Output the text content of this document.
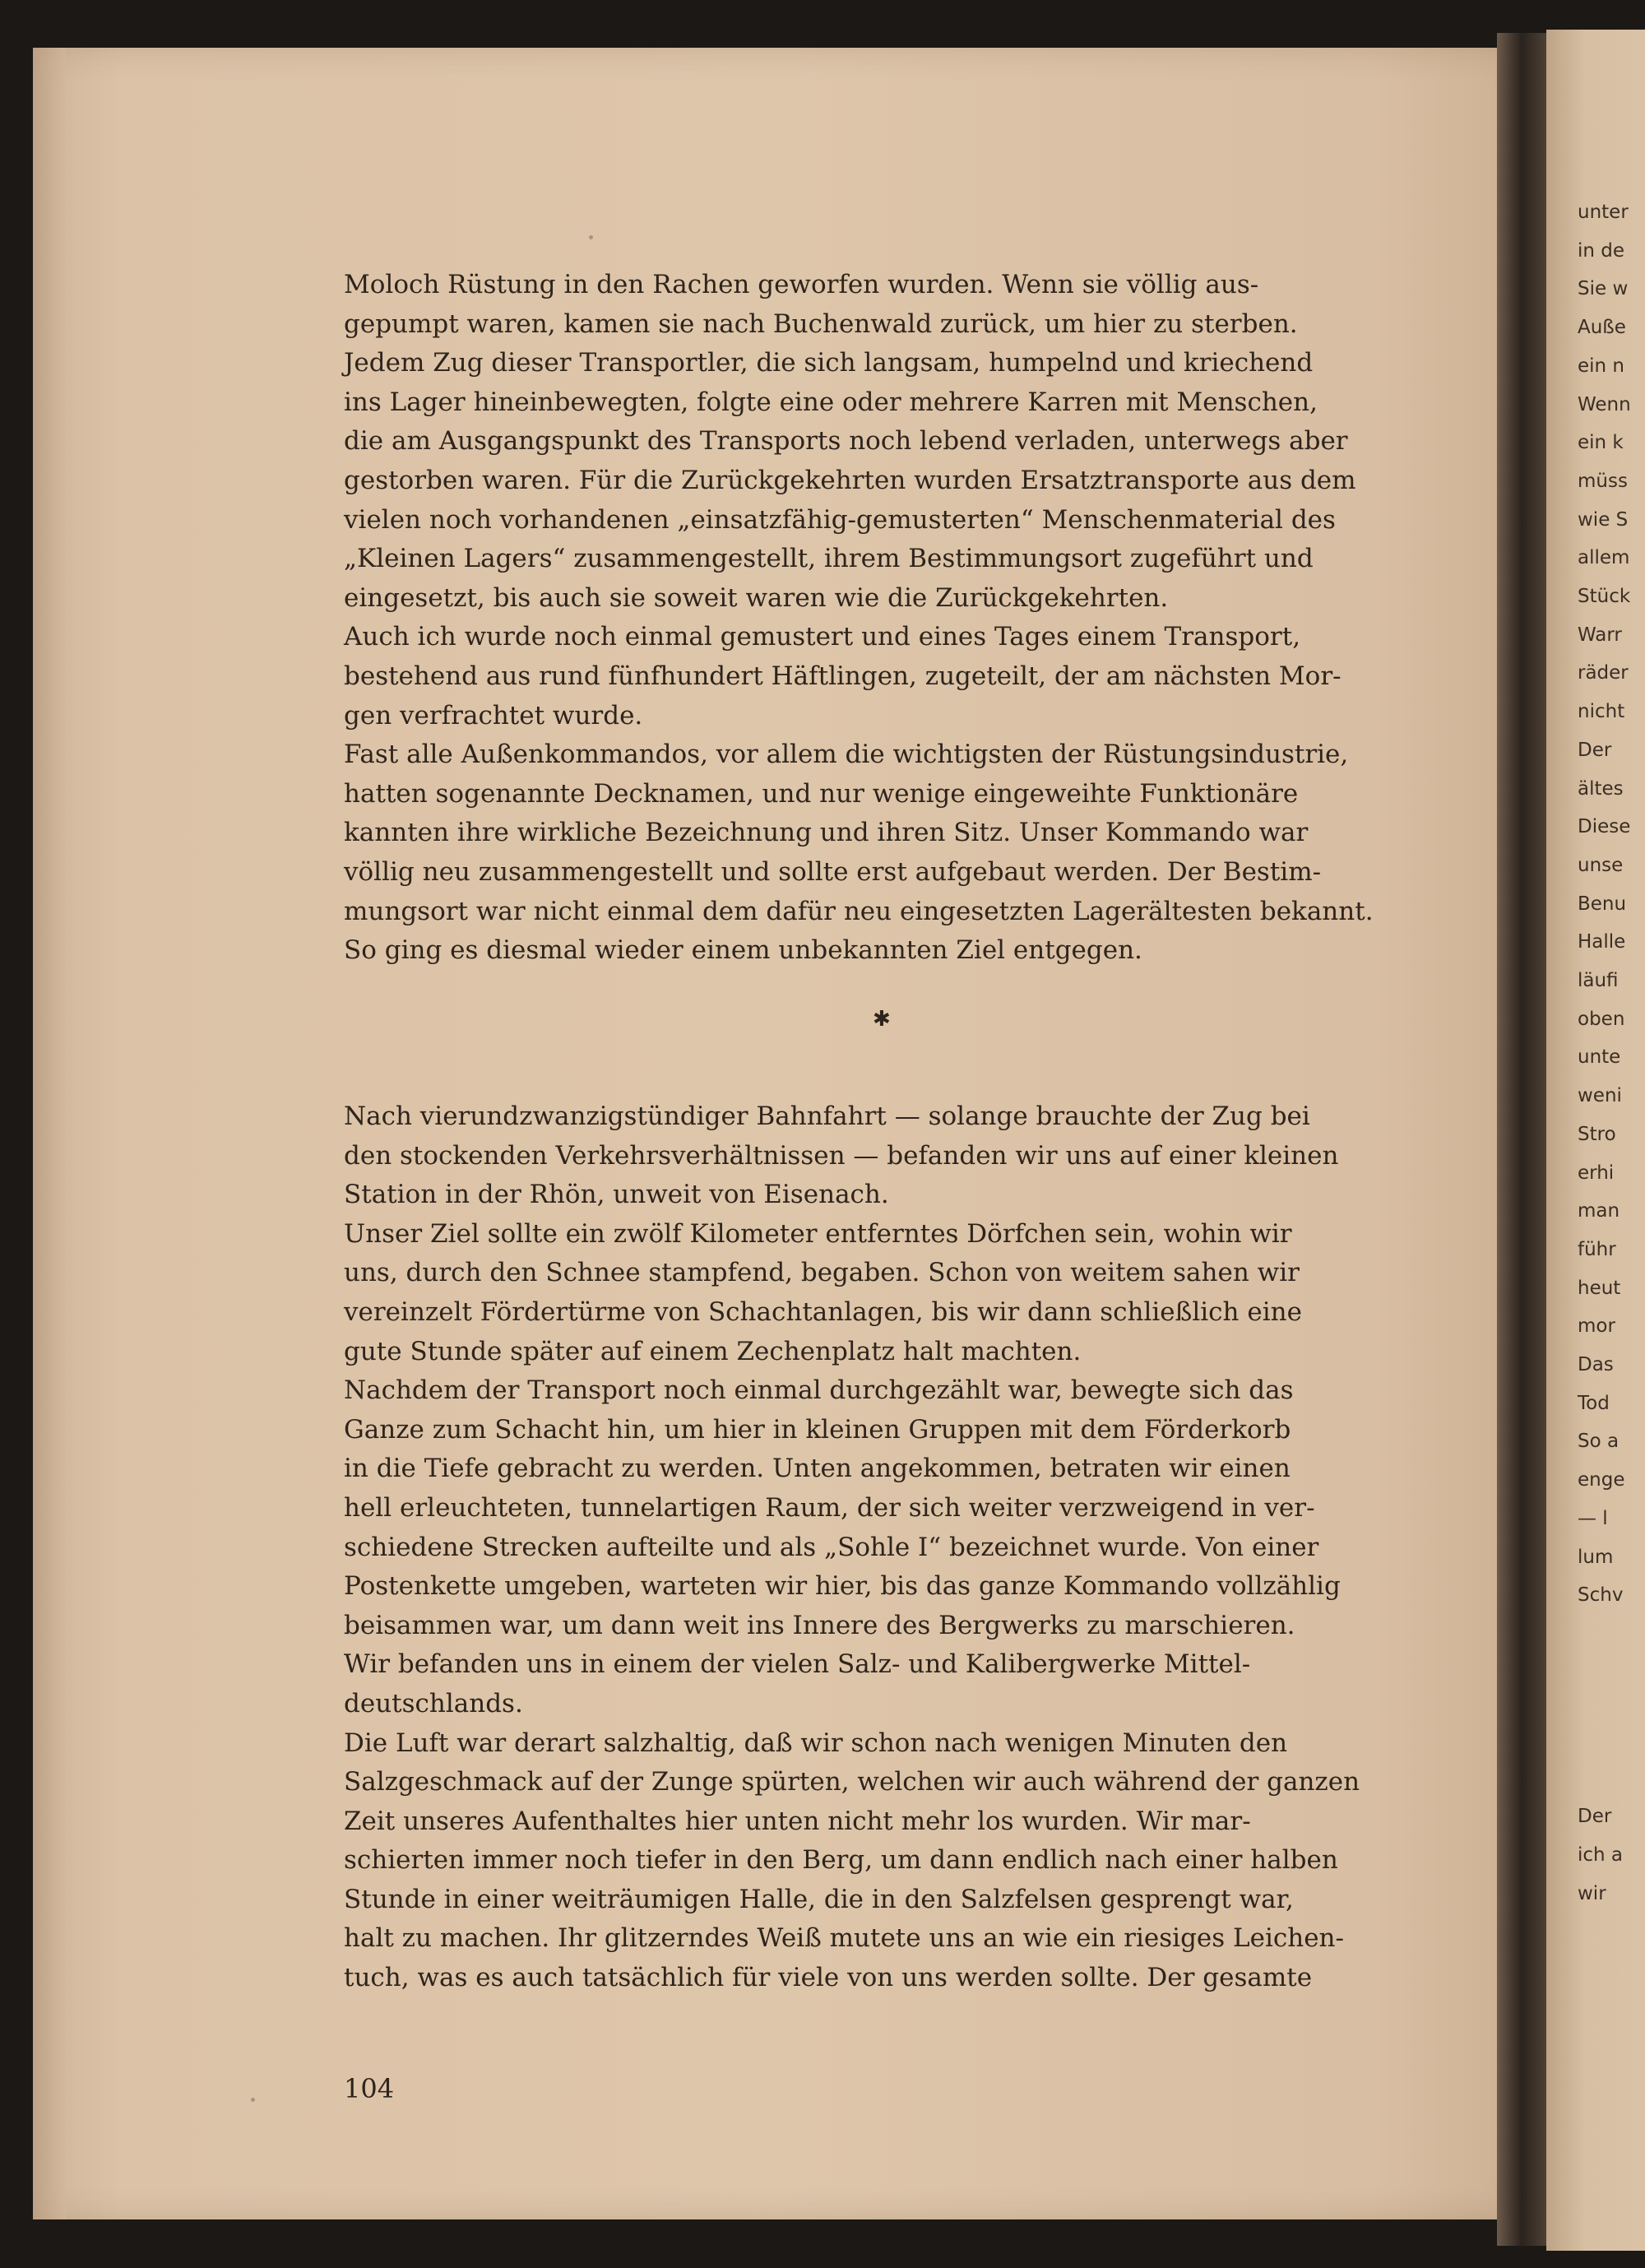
unter
in de
Sie w
Auße
ein n
Wenn
ein k
müss
wie S
allem
Stück
Warr
räder
nicht
Der
ältes
Diese
unse
Benu
Halle
läufi
oben
unte
weni
Stro
erhi
man
führ
heut
mor
Das
Tod
So a
enge
— l
lum
Schv
Der
ich a
wir
Moloch Rüstung in den Rachen geworfen wurden. Wenn sie völlig aus-
gepumpt waren, kamen sie nach Buchenwald zurück, um hier zu sterben.
Jedem Zug dieser Transportler, die sich langsam, humpelnd und kriechend
ins Lager hineinbewegten, folgte eine oder mehrere Karren mit Menschen,
die am Ausgangspunkt des Transports noch lebend verladen, unterwegs aber
gestorben waren. Für die Zurückgekehrten wurden Ersatztransporte aus dem
vielen noch vorhandenen „einsatzfähig-gemusterten“ Menschenmaterial des
„Kleinen Lagers“ zusammengestellt, ihrem Bestimmungsort zugeführt und
eingesetzt, bis auch sie soweit waren wie die Zurückgekehrten.
Auch ich wurde noch einmal gemustert und eines Tages einem Transport,
bestehend aus rund fünfhundert Häftlingen, zugeteilt, der am nächsten Mor-
gen verfrachtet wurde.
Fast alle Außenkommandos, vor allem die wichtigsten der Rüstungsindustrie,
hatten sogenannte Decknamen, und nur wenige eingeweihte Funktionäre
kannten ihre wirkliche Bezeichnung und ihren Sitz. Unser Kommando war
völlig neu zusammengestellt und sollte erst aufgebaut werden. Der Bestim-
mungsort war nicht einmal dem dafür neu eingesetzten Lagerältesten bekannt.
So ging es diesmal wieder einem unbekannten Ziel entgegen.
✱
Nach vierundzwanzigstündiger Bahnfahrt — solange brauchte der Zug bei
den stockenden Verkehrsverhältnissen — befanden wir uns auf einer kleinen
Station in der Rhön, unweit von Eisenach.
Unser Ziel sollte ein zwölf Kilometer entferntes Dörfchen sein, wohin wir
uns, durch den Schnee stampfend, begaben. Schon von weitem sahen wir
vereinzelt Fördertürme von Schachtanlagen, bis wir dann schließlich eine
gute Stunde später auf einem Zechenplatz halt machten.
Nachdem der Transport noch einmal durchgezählt war, bewegte sich das
Ganze zum Schacht hin, um hier in kleinen Gruppen mit dem Förderkorb
in die Tiefe gebracht zu werden. Unten angekommen, betraten wir einen
hell erleuchteten, tunnelartigen Raum, der sich weiter verzweigend in ver-
schiedene Strecken aufteilte und als „Sohle I“ bezeichnet wurde. Von einer
Postenkette umgeben, warteten wir hier, bis das ganze Kommando vollzählig
beisammen war, um dann weit ins Innere des Bergwerks zu marschieren.
Wir befanden uns in einem der vielen Salz- und Kalibergwerke Mittel-
deutschlands.
Die Luft war derart salzhaltig, daß wir schon nach wenigen Minuten den
Salzgeschmack auf der Zunge spürten, welchen wir auch während der ganzen
Zeit unseres Aufenthaltes hier unten nicht mehr los wurden. Wir mar-
schierten immer noch tiefer in den Berg, um dann endlich nach einer halben
Stunde in einer weiträumigen Halle, die in den Salzfelsen gesprengt war,
halt zu machen. Ihr glitzerndes Weiß mutete uns an wie ein riesiges Leichen-
tuch, was es auch tatsächlich für viele von uns werden sollte. Der gesamte
104
